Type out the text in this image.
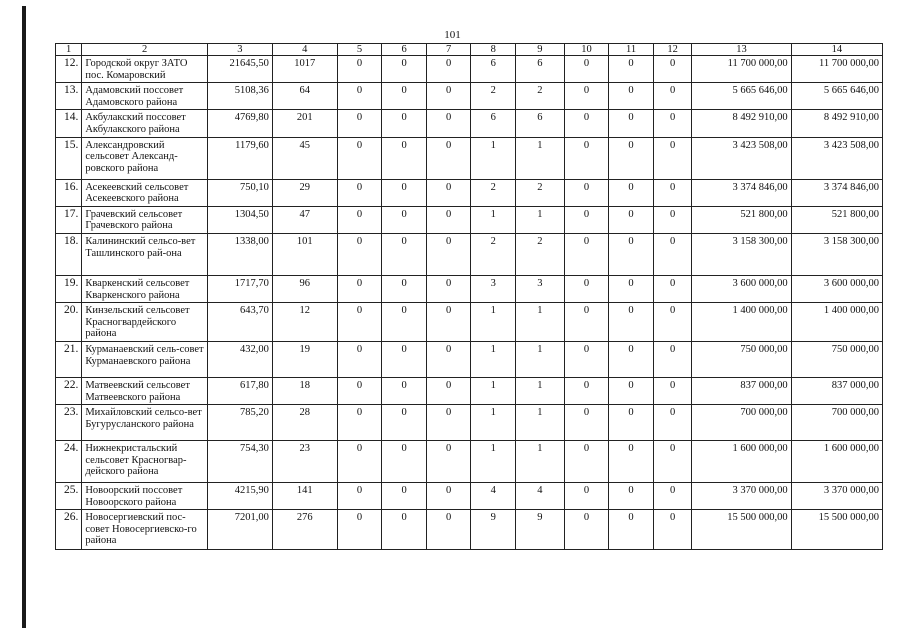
101
1	2	3	4	5	6	7	8	9	10	11	12	13	14
12.	Городской округ ЗАТО пос. Комаровский	21645,50	1017	0	0	0	6	6	0	0	0	11 700 000,00	11 700 000,00
13.	Адамовский поссовет Адамовского района	5108,36	64	0	0	0	2	2	0	0	0	5 665 646,00	5 665 646,00
14.	Акбулакский поссовет Акбулакского района	4769,80	201	0	0	0	6	6	0	0	0	8 492 910,00	8 492 910,00
15.	Александровский сельсовет Александ-ровского района	1179,60	45	0	0	0	1	1	0	0	0	3 423 508,00	3 423 508,00
16.	Асекеевский сельсовет Асекеевского района	750,10	29	0	0	0	2	2	0	0	0	3 374 846,00	3 374 846,00
17.	Грачевский сельсовет Грачевского района	1304,50	47	0	0	0	1	1	0	0	0	521 800,00	521 800,00
18.	Калининский сельсо-вет Ташлинского рай-она	1338,00	101	0	0	0	2	2	0	0	0	3 158 300,00	3 158 300,00
19.	Кваркенский сельсовет Кваркенского района	1717,70	96	0	0	0	3	3	0	0	0	3 600 000,00	3 600 000,00
20.	Кинзельский сельсовет Красногвардейского района	643,70	12	0	0	0	1	1	0	0	0	1 400 000,00	1 400 000,00
21.	Курманаевский сель-совет Курманаевского района	432,00	19	0	0	0	1	1	0	0	0	750 000,00	750 000,00
22.	Матвеевский сельсовет Матвеевского района	617,80	18	0	0	0	1	1	0	0	0	837 000,00	837 000,00
23.	Михайловский сельсо-вет Бугурусланского района	785,20	28	0	0	0	1	1	0	0	0	700 000,00	700 000,00
24.	Нижнекристальский сельсовет Красногвар-дейского района	754,30	23	0	0	0	1	1	0	0	0	1 600 000,00	1 600 000,00
25.	Новоорский поссовет Новоорского района	4215,90	141	0	0	0	4	4	0	0	0	3 370 000,00	3 370 000,00
26.	Новосергиевский пос-совет Новосергиевско-го района	7201,00	276	0	0	0	9	9	0	0	0	15 500 000,00	15 500 000,00
